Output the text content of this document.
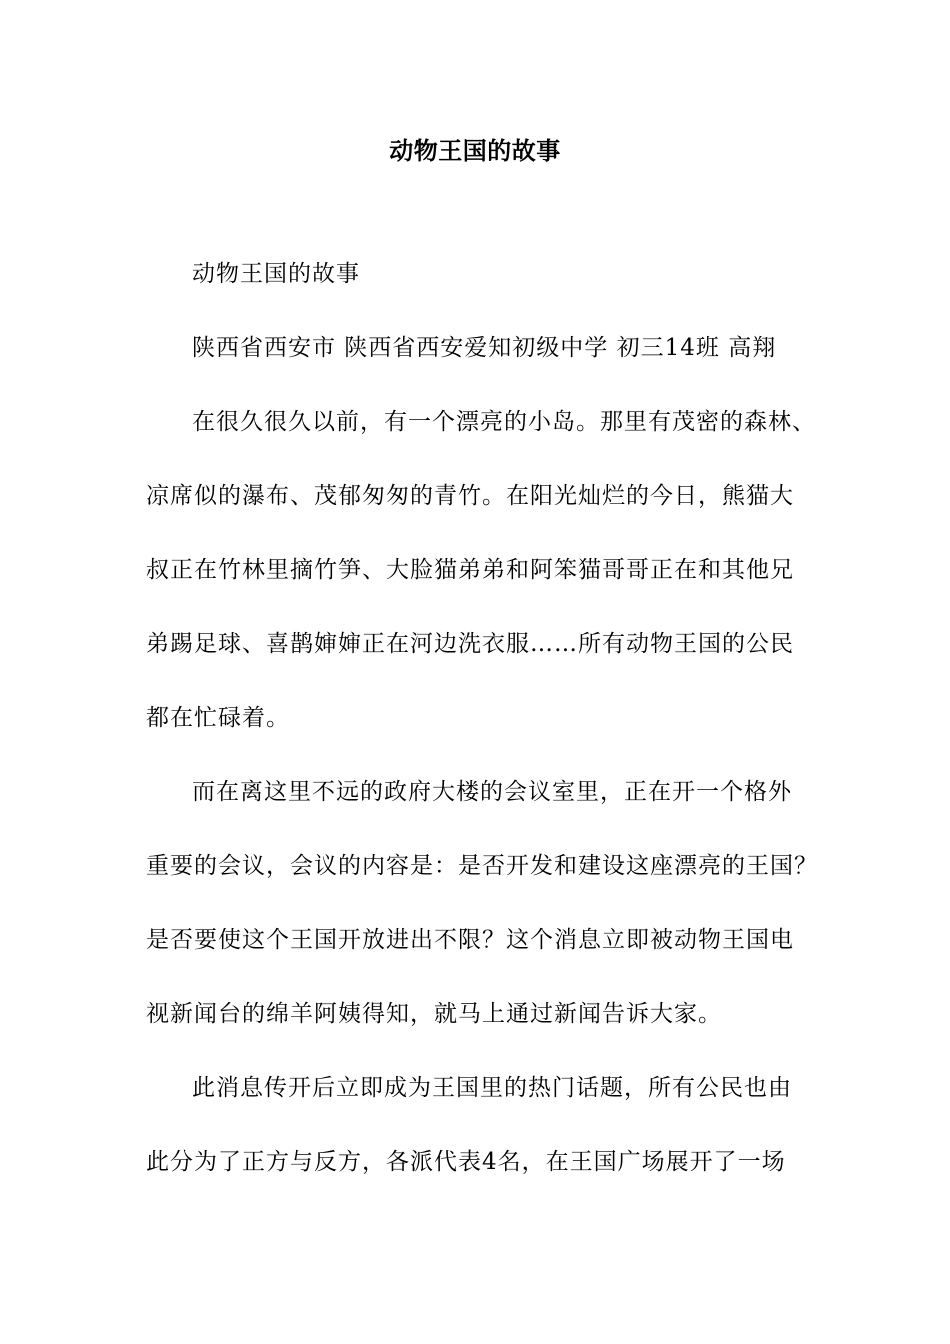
动物王国的故事
动物王国的故事
陕西省西安市 陕西省西安爱知初级中学 初三14班 高翔
在很久很久以前，有一个漂亮的小岛。那里有茂密的森林、
凉席似的瀑布、茂郁匆匆的青竹。在阳光灿烂的今日，熊猫大
叔正在竹林里摘竹笋、大脸猫弟弟和阿笨猫哥哥正在和其他兄
弟踢足球、喜鹊婶婶正在河边洗衣服……所有动物王国的公民
都在忙碌着。
而在离这里不远的政府大楼的会议室里，正在开一个格外
重要的会议，会议的内容是：是否开发和建设这座漂亮的王国？
是否要使这个王国开放进出不限？这个消息立即被动物王国电
视新闻台的绵羊阿姨得知，就马上通过新闻告诉大家。
此消息传开后立即成为王国里的热门话题，所有公民也由
此分为了正方与反方，各派代表4名，在王国广场展开了一场
